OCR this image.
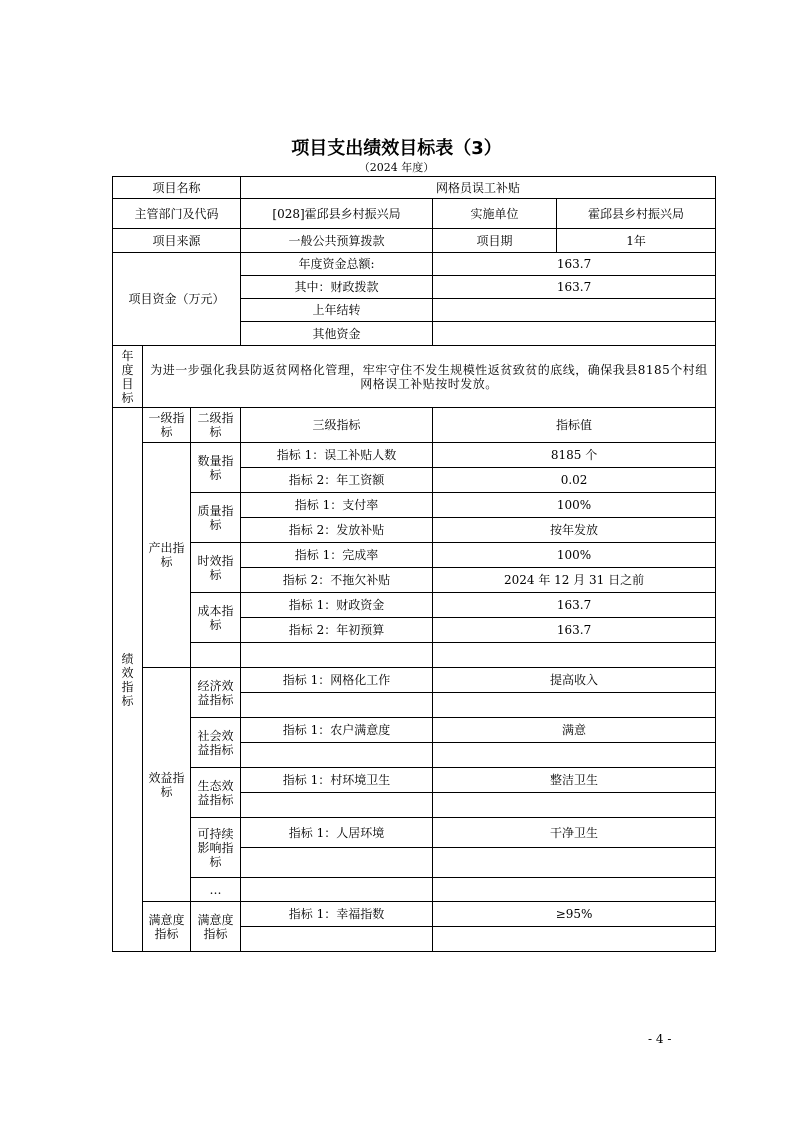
项目支出绩效目标表（3）
（2024 年度）
项目名称			网格员误工补贴		
主管部门及代码			[028]霍邱县乡村振兴局	实施单位	霍邱县乡村振兴局
项目来源			一般公共预算拨款	项目期	1年
项目资金（万元）			年度资金总额:	163.7	
			其中：财政拨款	163.7	
			上年结转		
			其他资金		
年度目标	为进一步强化我县防返贫网格化管理，牢牢守住不发生规模性返贫致贫的底线，确保我县8185个村组网格误工补贴按时发放。				
绩效指标	一级指标	二级指标	三级指标	指标值	
	产出指标	数量指标	指标 1：误工补贴人数	8185 个	
			指标 2：年工资额	0.02	
		质量指标	指标 1：支付率	100%	
			指标 2：发放补贴	按年发放	
		时效指标	指标 1：完成率	100%	
			指标 2：不拖欠补贴	2024 年 12 月 31 日之前	
		成本指标	指标 1：财政资金	163.7	
			指标 2：年初预算	163.7	

	效益指标	经济效益指标	指标 1：网格化工作	提高收入	

		社会效益指标	指标 1：农户满意度	满意	

		生态效益指标	指标 1：村环境卫生	整洁卫生	

		可持续影响指标	指标 1：人居环境	干净卫生	

		…			
	满意度指标	满意度指标	指标 1：幸福指数	≥95%	

- 4 -
